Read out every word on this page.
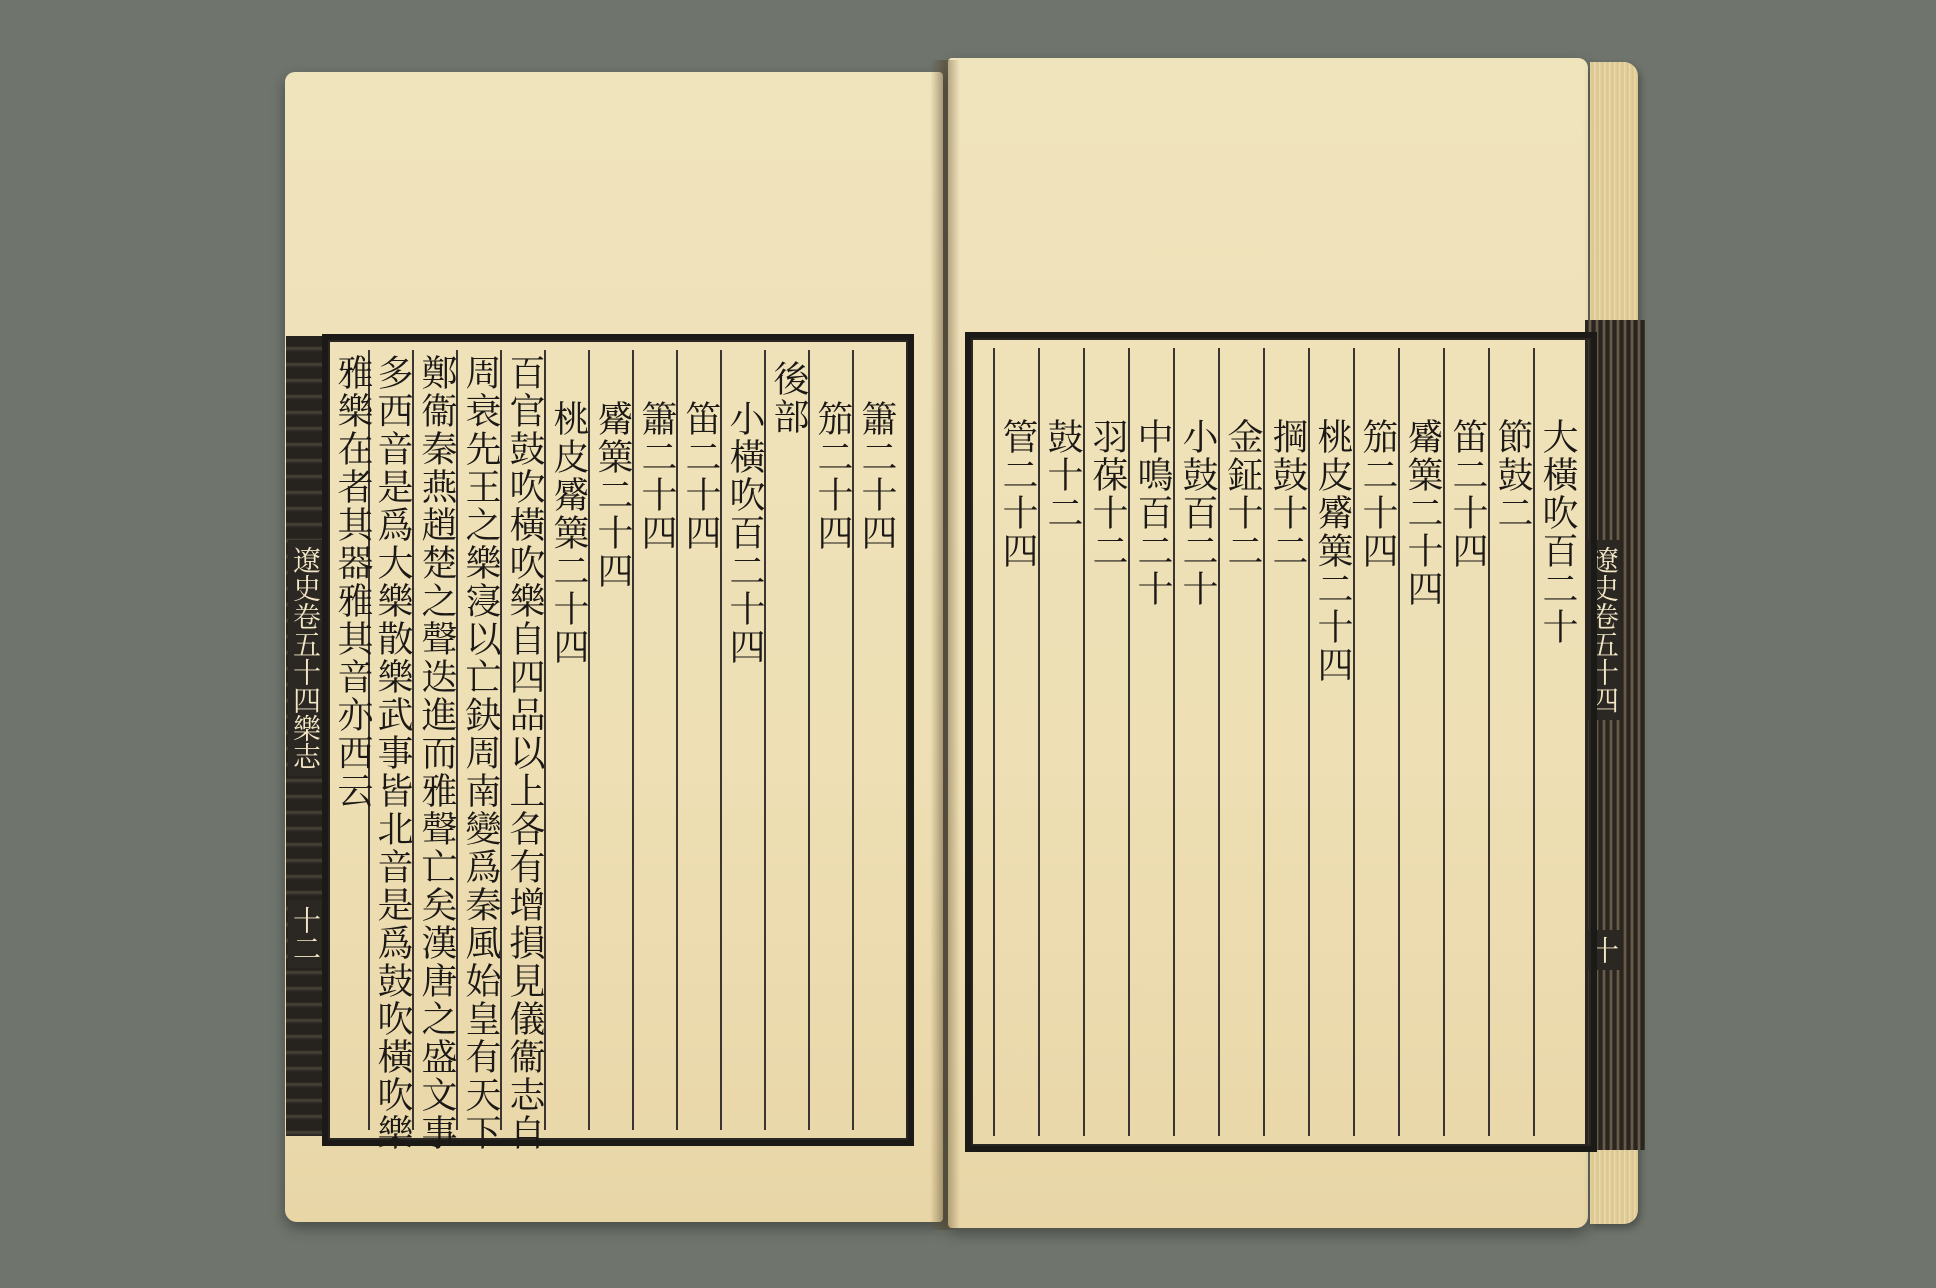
遼史卷五十四樂志
十二
遼史卷五十四
十
簫二十四
笳二十四
後部
小橫吹百二十四
笛二十四
簫二十四
觱篥二十四
桃皮觱篥二十四
百官鼓吹橫吹樂自四品以上各有增損見儀衞志自
周衰先王之樂寖以亡鈌周南變爲秦風始皇有天下
鄭衞秦燕趙楚之聲迭進而雅聲亡矣漢唐之盛文事
多西音是爲大樂散樂武事皆北音是爲鼓吹橫吹樂
雅樂在者其器雅其音亦西云	大橫吹百二十
節鼓二
笛二十四
觱篥二十四
笳二十四
桃皮觱篥二十四
掆鼓十二
金鉦十二
小鼓百二十
中鳴百二十
羽葆十二
鼓十二
管二十四
